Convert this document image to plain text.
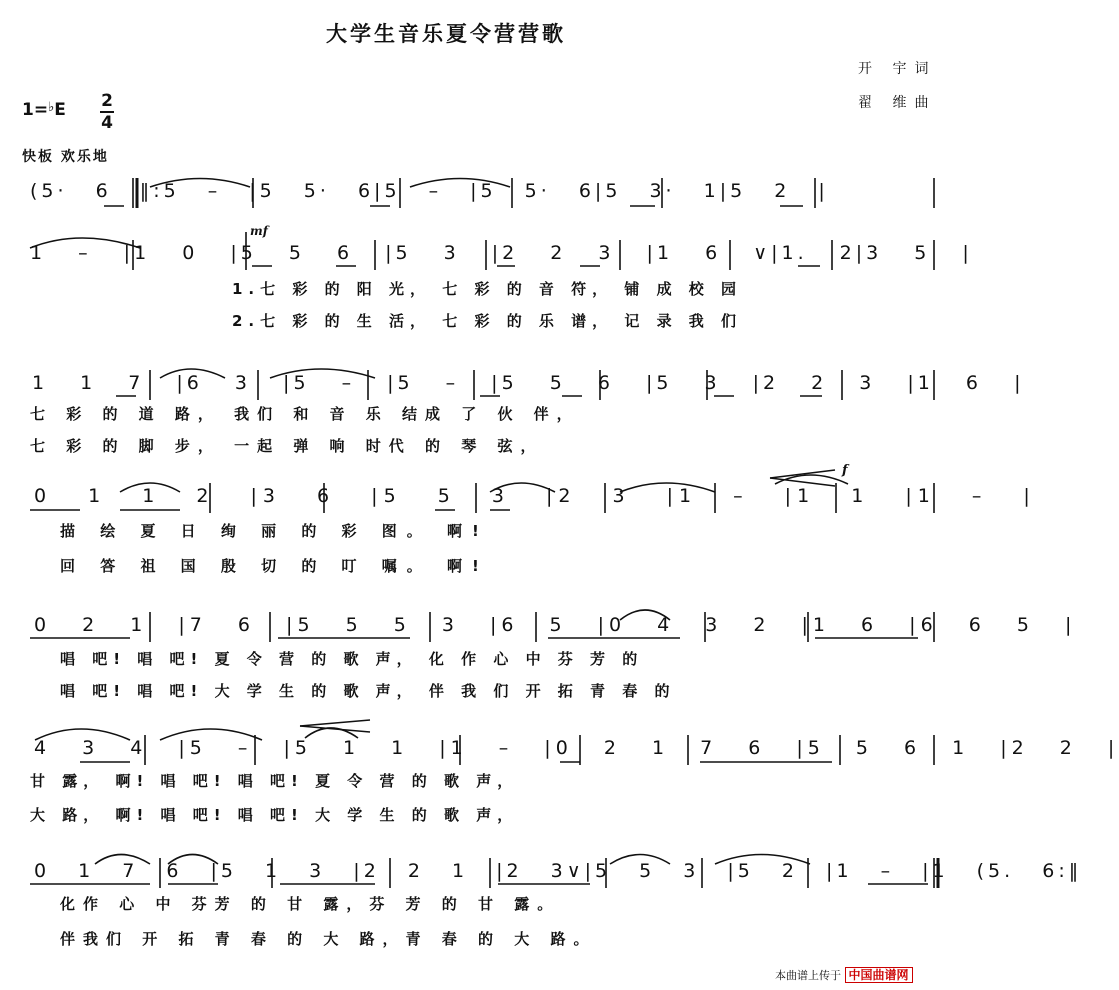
大学生音乐夏令营营歌
开 宇词
翟 维曲
1=♭E 2
4
快板 欢乐地
mf
f
(5· 6 ‖:5 – |5 5· 6|5 – |5 5· 6|5 3· 1|5 2 |
1 – |1 0 |5 5 6 |5 3 |2 2 3 |1 6 ∨|1. 2|3 5 |
1.七 彩 的 阳 光， 七 彩 的 音 符， 铺 成 校 园
2.七 彩 的 生 活， 七 彩 的 乐 谱， 记 录 我 们
1 1 7 |6 3 |5 – |5 – |5 5 6 |5 3 |2 2 3 |1 6 |
七 彩 的 道 路， 我们 和 音 乐 结成 了 伙 伴，
七 彩 的 脚 步， 一起 弹 响 时代 的 琴 弦，
0 1 1 2 |3 6 |5 5 3 |2 3 |1 – |1 1 |1 – |
描 绘 夏 日 绚 丽 的 彩 图。 啊!
回 答 祖 国 殷 切 的 叮 嘱。 啊!
0 2 1 |7 6 |5 5 5 3 |6 5 |0 4 3 2 |1 6 |6 6 5 |
唱 吧! 唱 吧! 夏 令 营 的 歌 声， 化 作 心 中 芬 芳 的
唱 吧! 唱 吧! 大 学 生 的 歌 声， 伴 我 们 开 拓 青 春 的
4 3 4 |5 – |5 1 1 |1 – |0 2 1 7 6 |5 5 6 1 |2 2 |
甘 露， 啊! 唱 吧! 唱 吧! 夏 令 营 的 歌 声，
大 路， 啊! 唱 吧! 唱 吧! 大 学 生 的 歌 声，
0 1 7 6 |5 1 3 |2 2 1 |2 3∨|5 5 3 |5 2 |1 – |1 (5. 6:‖
化作 心 中 芬芳 的 甘 露，芬 芳 的 甘 露。
伴我们 开 拓 青 春 的 大 路，青 春 的 大 路。
本曲谱上传于 中国曲谱网
